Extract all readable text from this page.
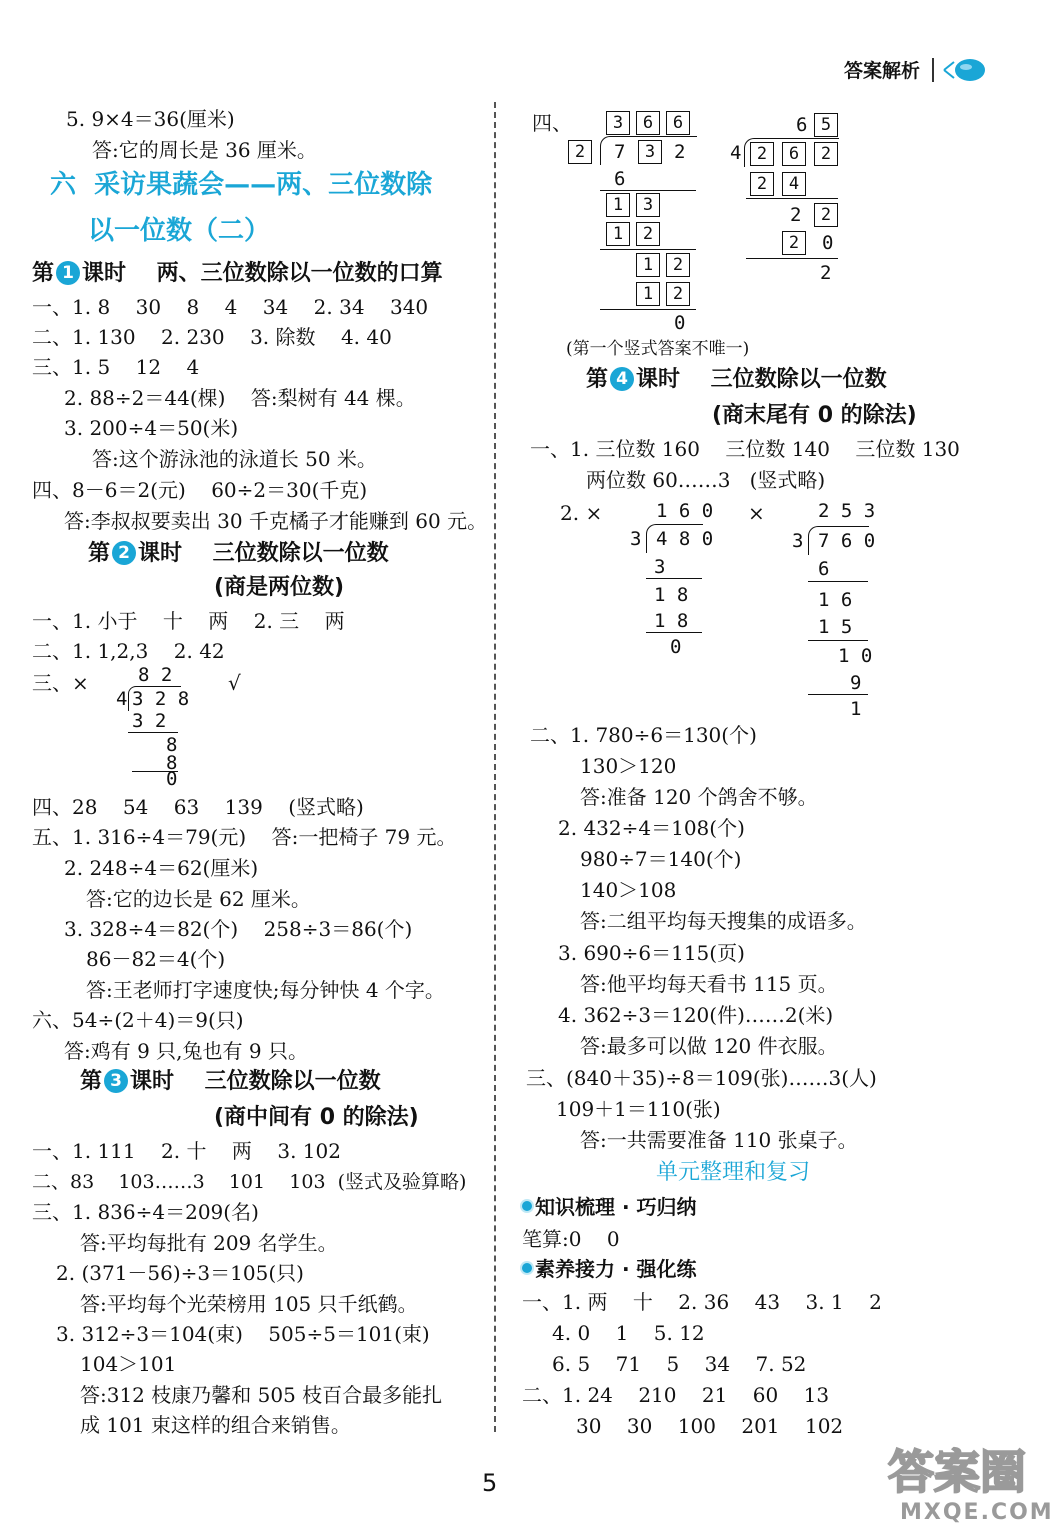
答案解析
5. 9×4＝36(厘米)
答:它的周长是 36 厘米。
六  采访果蔬会——两、三位数除
以一位数（二）
第 1 课时    两、三位数除以一位数的口算
一、1. 8    30    8    4    34    2. 34    340
二、1. 130    2. 230    3. 除数    4. 40
三、1. 5    12    4
2. 88÷2＝44(棵)    答:梨树有 44 棵。
3. 200÷4＝50(米)
答:这个游泳池的泳道长 50 米。
四、8－6＝2(元)    60÷2＝30(千克)
答:李叔叔要卖出 30 千克橘子才能赚到 60 元。
第 2 课时    三位数除以一位数
(商是两位数)
一、1. 小于    十    两    2. 三    两
二、1. 1,2,3    2. 42
三、×	√
8 2
4 3 2 8
3 2
8
8
0
四、28    54    63    139    (竖式略)
五、1. 316÷4＝79(元)    答:一把椅子 79 元。
2. 248÷4＝62(厘米)
答:它的边长是 62 厘米。
3. 328÷4＝82(个)    258÷3＝86(个)
86－82＝4(个)
答:王老师打字速度快;每分钟快 4 个字。
六、54÷(2＋4)＝9(只)
答:鸡有 9 只,兔也有 9 只。
第 3 课时    三位数除以一位数
(商中间有 0 的除法)
一、1. 111    2. 十    两    3. 102
二、83    103……3    101    103  (竖式及验算略)
三、1. 836÷4＝209(名)
答:平均每批有 209 名学生。
2. (371－56)÷3＝105(只)
答:平均每个光荣榜用 105 只千纸鹤。
3. 312÷3＝104(束)    505÷5＝101(束)
104＞101
答:312 枝康乃馨和 505 枝百合最多能扎
成 101 束这样的组合来销售。
四、	3	6	6
2	7	3 2
6
1	3
1	2
1	2
1	2
0
6 5
4 2	6	2
2	4
2	2
2	0
2
(第一个竖式答案不唯一)
第 4 课时    三位数除以一位数
(商末尾有 0 的除法)
一、1. 三位数 160    三位数 140    三位数 130
两位数 60……3   (竖式略)
2. ×	×
1 6 0
3 4 8 0
3
1 8
1 8
0
2 5 3
3 7 6 0
6
1 6
1 5
1 0
9
1
二、1. 780÷6＝130(个)
130＞120
答:准备 120 个鸽舍不够。
2. 432÷4＝108(个)
980÷7＝140(个)
140＞108
答:二组平均每天搜集的成语多。
3. 690÷6＝115(页)
答:他平均每天看书 115 页。
4. 362÷3＝120(件)……2(米)
答:最多可以做 120 件衣服。
三、(840＋35)÷8＝109(张)……3(人)
109＋1＝110(张)
答:一共需要准备 110 张桌子。
单元整理和复习
知识梳理 · 巧归纳
笔算:0    0
素养接力 · 强化练
一、1. 两    十    2. 36    43    3. 1    2
4. 0    1    5. 12
6. 5    71    5    34    7. 52
二、1. 24    210    21    60    13
30    30    100    201    102
5	答案圈
MXQE.COM
